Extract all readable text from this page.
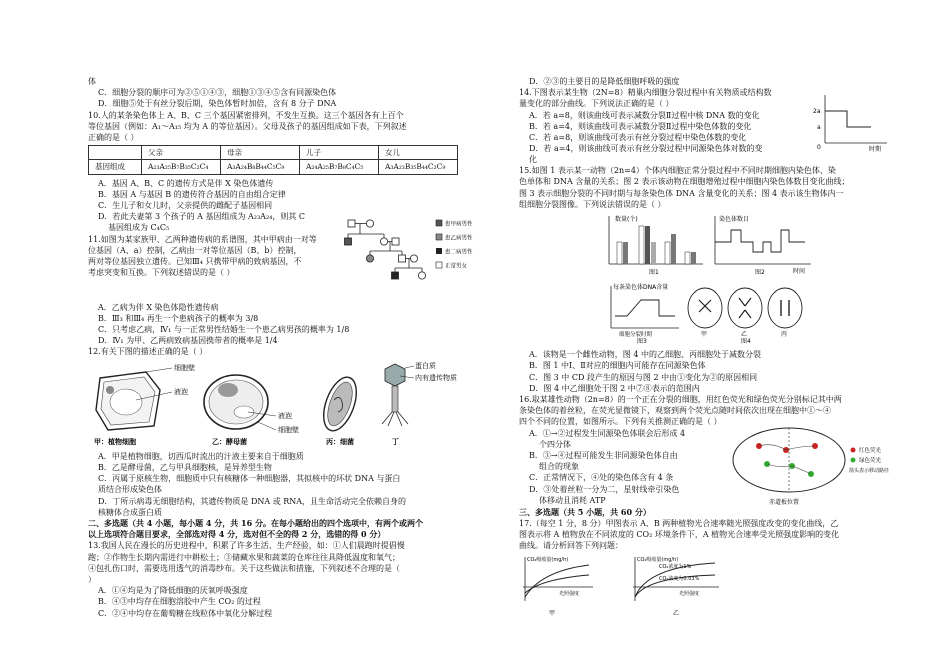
体

C．细胞分裂的顺序可为②⑤①④③，细胞①③④⑤含有同源染色体

D．细胞⑤处于有丝分裂后期，染色体暂时加倍，含有 8 分子 DNA

10.人的某条染色体上 A、B、C 三个基因紧密排列，不发生互换。这三个基因各有上百个

等位基因（例如：A₁～A₁₅ 均为 A 的等位基因）。父母及孩子的基因组成如下表，下列叙述

正确的是（ ）

	父亲	母亲	儿子	女儿
基因组成	A₂₃A₂₅B₇B₃₅C₂C₄	A₃A₂₄B₈B₄₄C₅C₉	A₂₄A₂₅B₇B₈C₄C₅	A₃A₂₃B₃₅B₄₄C₂C₉

A．基因 A、B、C 的遗传方式是伴 X 染色体遗传

B．基因 A 与基因 B 的遗传符合基因的自由组合定律

C．生儿子和女儿时，父亲提供的雌配子基因相同

D．若此夫妻第 3 个孩子的 A 基因组成为 A₂₃A₂₄，则其 C

基因组成为 C₄C₅

11.如图为某家族甲、乙两种遗传病的系谱图，其中甲病由一对等

位基因（A、a）控制，乙病由一对等位基因（B、b）控制，

两对等位基因独立遗传。已知Ⅲ₄ 只携带甲病的致病基因，不

考虑突变和互换。下列叙述错误的是（ ）

患甲病男性
患乙病男性
患二病男性
正常男女

A．乙病为伴 X 染色体隐性遗传病

B．Ⅲ₃ 和Ⅲ₄ 再生一个患病孩子的概率为 3/8

C．只考虑乙病，Ⅳ₁ 与一正常男性结婚生一个患乙病男孩的概率为 1/8

D．Ⅳ₁ 为甲、乙两病致病基因携带者的概率是 1/4

12.有关下图的描述正确的是（ ）

细胞壁
液泡
甲：植物细胞
液泡
细胞壁
乙：酵母菌	丙：细菌
蛋白质
内有遗传物质
丁

A．甲是植物细胞，切西瓜时流出的汁液主要来自于细胞质

B．乙是酵母菌，乙与甲具细胞核，是异养型生物

C．丙属于原核生物，细胞质中只有核糖体一种细胞器，其拟核中的环状 DNA 与蛋白

质结合形成染色体

D．丁所示病毒无细胞结构，其遗传物质是 DNA 或 RNA，且生命活动完全依赖自身的

核糖体合成蛋白质

二、多选题（共 4 小题，每小题 4 分，共 16 分。在每小题给出的四个选项中，有两个或两个

以上选项符合题目要求，全部选对得 4 分，选对但不全的得 2 分，选错的得 0 分）

13.我国人民在漫长的历史进程中，积累了许多生活、生产经验，如：①人们晨跑时提倡慢

跑；②作物生长期内需进行中耕松土；③储藏水果和蔬菜的仓库往往具降低温度和氧气；

④包扎伤口时，需要选用透气的消毒纱布。关于这些做法和措施，下列叙述不合理的是（

）

A．①④均是为了降低细胞的厌氧呼吸强度

B．④③中均存在细胞溶胶中产生 CO₂ 的过程

C．②④中均存在葡萄糖在线粒体中氧化分解过程

D．②③的主要目的是降低细胞呼吸的强度

14.下图表示某生物（2N=8）精巢内细胞分裂过程中有关物质或结构数

量变化的部分曲线。下列说法正确的是（ ）

A．若 a=8，则该曲线可表示减数分裂Ⅱ过程中核 DNA 数的变化

B．若 a=4，则该曲线可表示减数分裂Ⅱ过程中染色体数的变化

C．若 a=8，则该曲线可表示有丝分裂过程中染色体数的变化

D．若 a=4，则该曲线可表示有丝分裂过程中同源染色体对数的变

化

2a
a
0	时期

15.如图 1 表示某一动物（2n=4）个体内细胞正常分裂过程中不同时期细胞内染色体、染

色单体和 DNA 含量的关系；图 2 表示该动物在细胞增殖过程中细胞内染色体数目变化曲线；

图 3 表示细胞分裂的不同时期与每条染色体 DNA 含量变化的关系；图 4 表示该生物体内一

组细胞分裂图像。下列说法错误的是（ ）

数量(个)
图1
染色体数目
时间
图2
每条染色体DNA含量
细胞分裂时期
图3
甲	乙	丙
图4

A．该物是一个雌性动物，图 4 中的乙细胞、丙细胞处于减数分裂

B．图 1 中Ⅰ、Ⅱ对应的细胞内可能存在同源染色体

C．图 3 中 CD 段产生的原因与图 2 中由①变化为②的原因相同

D．图 4 中乙细胞处于图 2 中⑦⑧表示的范围内

16.取某雄性动物（2n=8）的一个正在分裂的细胞，用红色荧光和绿色荧光分别标记其中两

条染色体的着丝粒，在荧光显微镜下，观察到两个荧光点随时间依次出现在细胞中①～④

四个不同的位置，如图所示。下列有关推测正确的是（ ）

A．①→②过程发生同源染色体联会后形成 4

个四分体

B．③→④过程可能发生非同源染色体自由

组合的现象

C．正常情况下，④处的染色体含有 4 条

D．③处着丝粒一分为二，星射线牵引染色

体移动且消耗 ATP

红色荧光
绿色荧光
箭头表示移动路径
赤道板位置

三、多选题（共 5 小题，共 60 分）

17.（每空 1 分，8 分）甲图表示 A、B 两种植物光合速率随光照强度改变的变化曲线，乙

图表示将 A 植物放在不同浓度的 CO₂ 环境条件下，A 植物光合速率受光照强度影响的变化

曲线。请分析回答下列问题：

CO₂吸收量(mg/h)
光照强度
甲
CO₂吸收量(mg/h)
CO₂浓度为1%
CO₂浓度为0.03%
光照强度
乙
